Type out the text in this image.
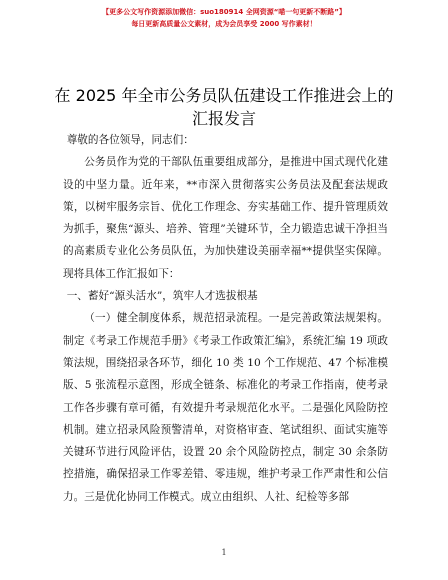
【更多公文写作资源添加微信：suo180914 全网资源“喵一句更新不断路”】
每日更新高质量公文素材，成为会员享受 2000 写作素材！
在 2025 年全市公务员队伍建设工作推进会上的
汇报发言

尊敬的各位领导，同志们：

公务员作为党的干部队伍重要组成部分，是推进中国式现代化建设的中坚力量。近年来，**市深入贯彻落实公务员法及配套法规政策，以树牢服务宗旨、优化工作理念、夯实基础工作、提升管理质效为抓手，聚焦“源头、培养、管理”关键环节，全力锻造忠诚干净担当的高素质专业化公务员队伍，为加快建设美丽幸福**提供坚实保障。现将具体工作汇报如下：

一、蓄好“源头活水”，筑牢人才选拔根基

（一）健全制度体系，规范招录流程。一是完善政策法规架构。制定《考录工作规范手册》《考录工作政策汇编》，系统汇编 19 项政策法规，围绕招录各环节，细化 10 类 10 个工作规范、47 个标准模版、5 张流程示意图，形成全链条、标准化的考录工作指南，使考录工作各步骤有章可循，有效提升考录规范化水平。二是强化风险防控机制。建立招录风险预警清单，对资格审查、笔试组织、面试实施等关键环节进行风险评估，设置 20 余个风险防控点，制定 30 余条防控措施，确保招录工作零差错、零违规，维护考录工作严肃性和公信力。三是优化协同工作模式。成立由组织、人社、纪检等多部

1
